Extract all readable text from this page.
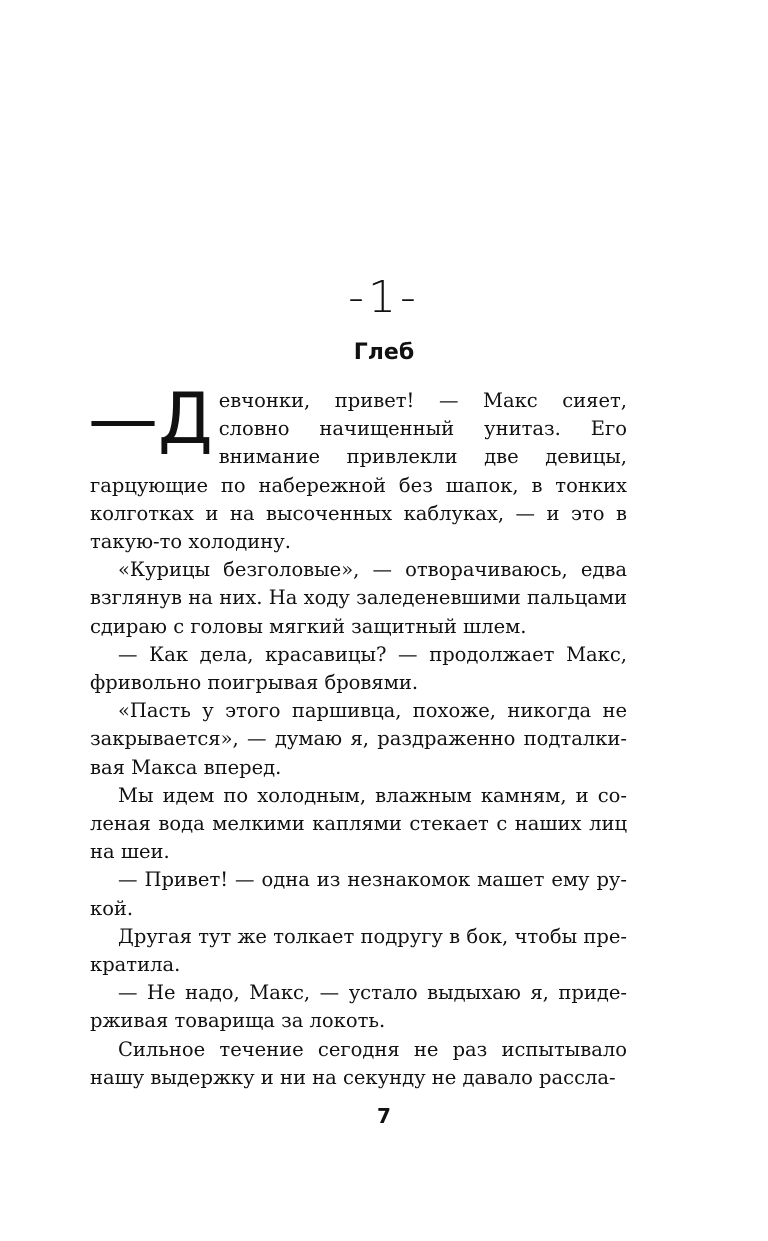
-1-
Глеб

—Д евчонки, привет! — Макс сияет, словно начищенный унитаз. Его внимание привлекли две девицы, гарцующие по набережной без шапок, в тонких колготках и на высоченных каблуках, — и это в такую-то холодину.

«Курицы безголовые», — отворачиваюсь, едва взглянув на них. На ходу заледеневшими пальцами сдираю с головы мягкий защитный шлем.

— Как дела, красавицы? — продолжает Макс, фривольно поигрывая бровями.

«Пасть у этого паршивца, похоже, никогда не закрывается», — думаю я, раздраженно подталкивая Макса вперед.

Мы идем по холодным, влажным камням, и соленая вода мелкими каплями стекает с наших лиц на шеи.

— Привет! — одна из незнакомок машет ему рукой.

Другая тут же толкает подругу в бок, чтобы прекратила.

— Не надо, Макс, — устало выдыхаю я, придерживая товарища за локоть.

Сильное течение сегодня не раз испытывало нашу выдержку и ни на секунду не давало рассла-

7
